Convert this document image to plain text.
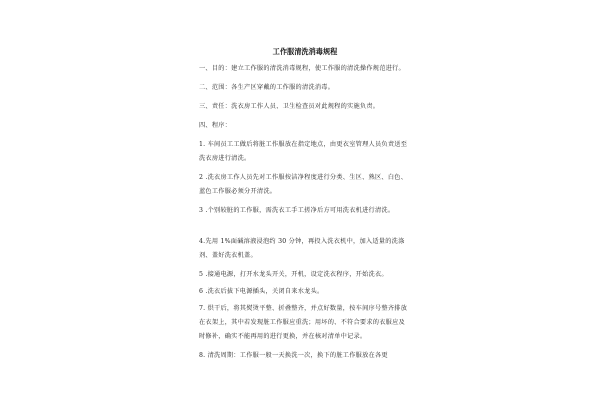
工作服清洗消毒规程

一、目的：建立工作服的清洗消毒规程，使工作服的清洗操作规范进行。

二、范围：各生产区穿戴的工作服的清洗消毒。

三、责任：洗衣房工作人员、卫生检查员对此规程的实施负责。

四、程序：

1. 车间员工工做后将脏工作服放在指定地点，由更衣室管理人员负责送至洗衣房进行清洗。

2 .洗衣房工作人员先对工作服按洁净程度进行分类、生区、熟区、白色、蓝色工作服必须分开清洗。

3 .个别较脏的工作服，需洗衣工手工搓净后方可用洗衣机进行清洗。

4.先用 1%面碱溶液浸泡约 30 分钟，再投入洗衣机中，加入适量的洗涤剂、盖好洗衣机盖。

5 .接通电源，打开水龙头开关，开机，设定洗衣程序，开始洗衣。

6 .洗衣后拔下电源插头，关闭自来水龙头。

7. 烘干后，将其熨烫平整、折叠整齐，并点好数量，按车间序号整齐排放在衣架上，其中若发现脏工作服应重洗；用坏的、不符合要求的衣服应及时修补，确实不能再用的进行更换，并在核对清单中记录。

8. 清洗周期：工作服一般一天换洗一次，换下的脏工作服放在各更
